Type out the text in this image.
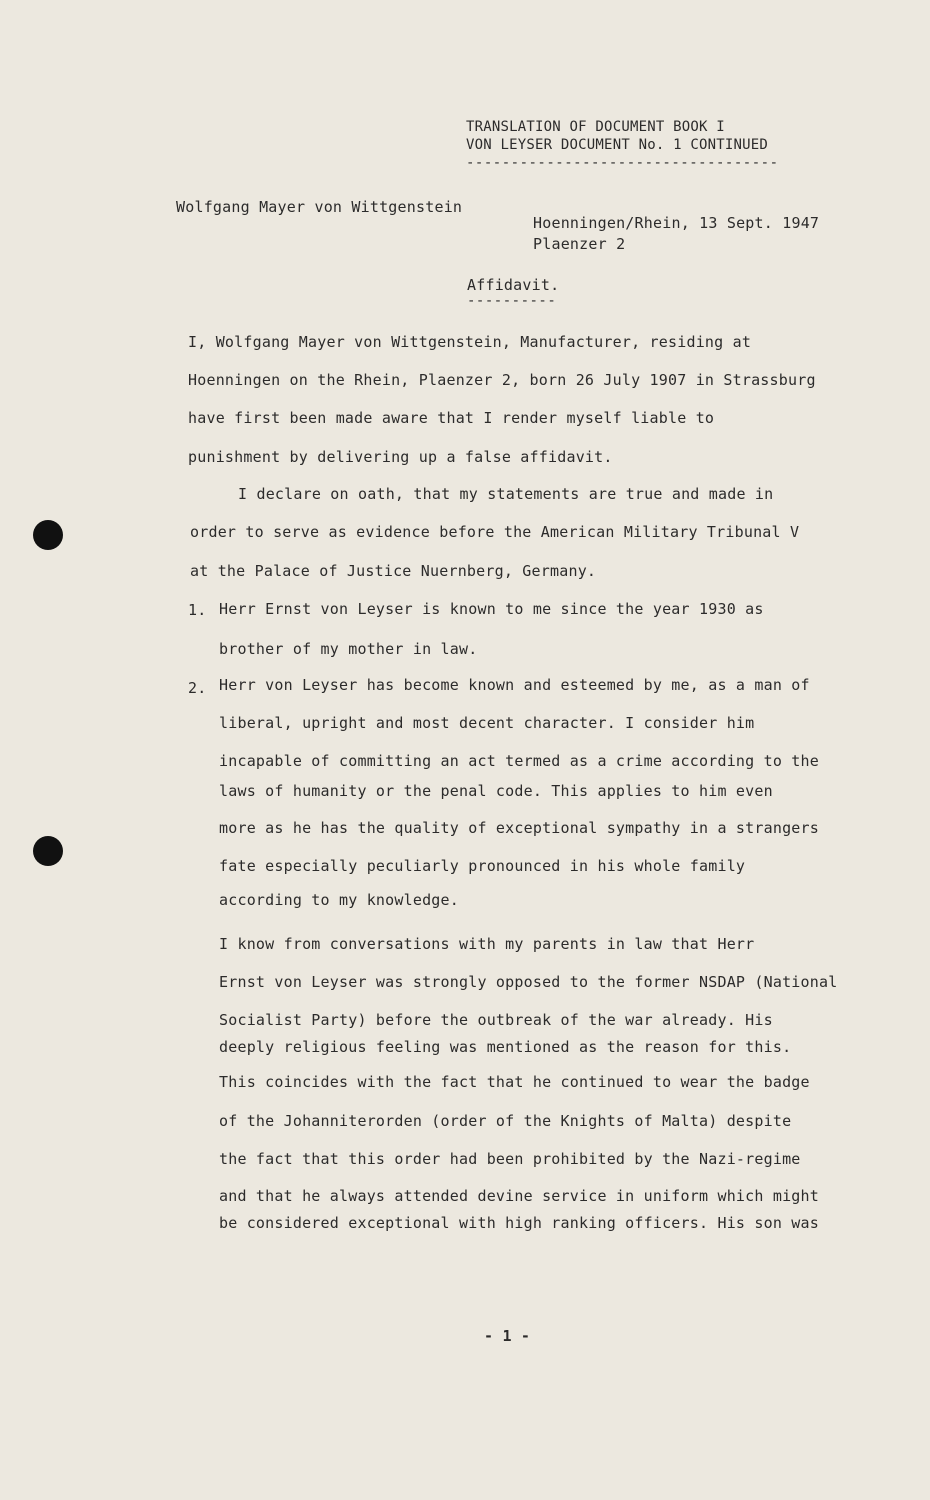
TRANSLATION OF DOCUMENT BOOK I
VON LEYSER DOCUMENT No. 1 CONTINUED
-----------------------------------
Wolfgang Mayer von Wittgenstein
Hoenningen/Rhein, 13 Sept. 1947
Plaenzer 2
Affidavit.
----------
I, Wolfgang Mayer von Wittgenstein, Manufacturer, residing at
Hoenningen on the Rhein, Plaenzer 2, born 26 July 1907 in Strassburg
have first been made aware that I render myself liable to
punishment by delivering up a false affidavit.
I declare on oath, that my statements are true and made in
order to serve as evidence before the American Military Tribunal V
at the Palace of Justice Nuernberg, Germany.
1. Herr Ernst von Leyser is known to me since the year 1930 as
brother of my mother in law.
2. Herr von Leyser has become known and esteemed by me, as a man of
liberal, upright and most decent character. I consider him
incapable of committing an act termed as a crime according to the
laws of humanity or the penal code. This applies to him even
more as he has the quality of exceptional sympathy in a strangers
fate especially peculiarly pronounced in his whole family
according to my knowledge.
I know from conversations with my parents in law that Herr
Ernst von Leyser was strongly opposed to the former NSDAP (National
Socialist Party) before the outbreak of the war already. His
deeply religious feeling was mentioned as the reason for this.
This coincides with the fact that he continued to wear the badge
of the Johanniterorden (order of the Knights of Malta) despite
the fact that this order had been prohibited by the Nazi-regime
and that he always attended devine service in uniform which might
be considered exceptional with high ranking officers. His son was
- 1 -
